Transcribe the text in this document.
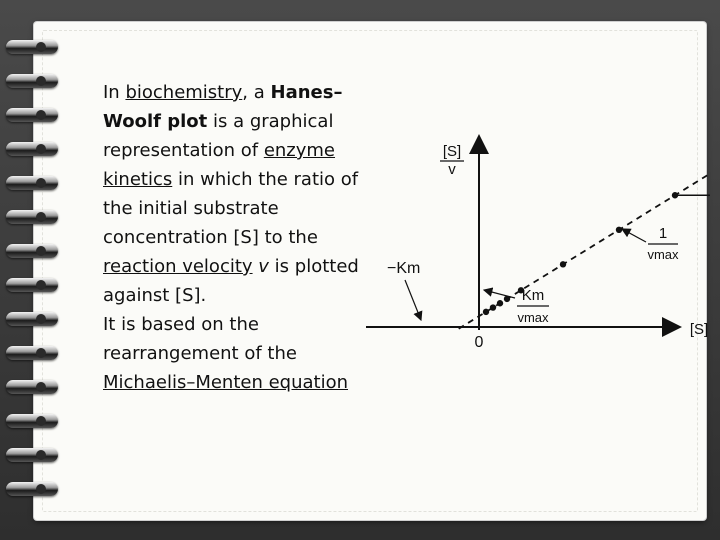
In biochemistry, a Hanes–Woolf plot is a graphical representation of enzyme kinetics in which the ratio of the initial substrate concentration [S] to the reaction velocity v is plotted against [S].

It is based on the rearrangement of the Michaelis–Menten equation

[S]
v
[S]
0
−Km
Km
vmax
1
vmax
